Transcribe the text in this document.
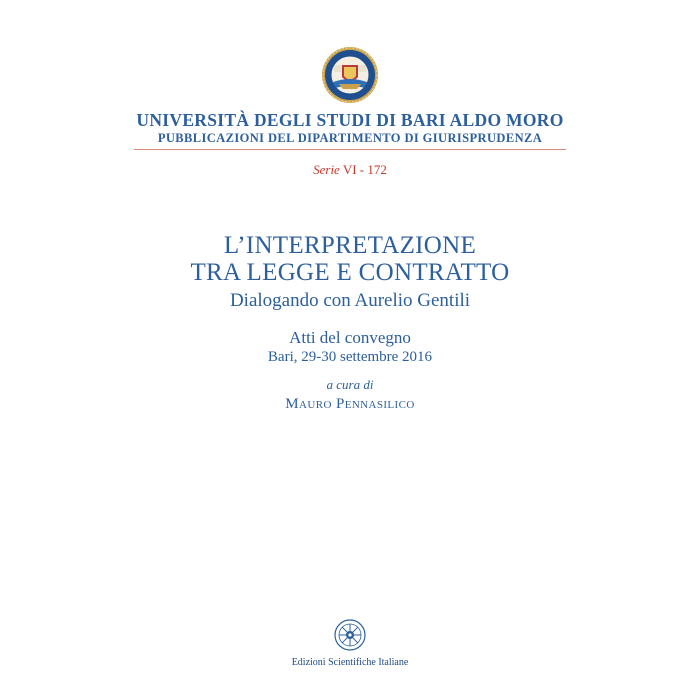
UNIVERSITÀ DEGLI STUDI DI BARI ALDO MORO
PUBBLICAZIONI DEL DIPARTIMENTO DI GIURISPRUDENZA
Serie VI - 172
L’INTERPRETAZIONE
TRA LEGGE E CONTRATTO
Dialogando con Aurelio Gentili
Atti del convegno
Bari, 29-30 settembre 2016
a cura di
Mauro Pennasilico
Edizioni Scientifiche Italiane
